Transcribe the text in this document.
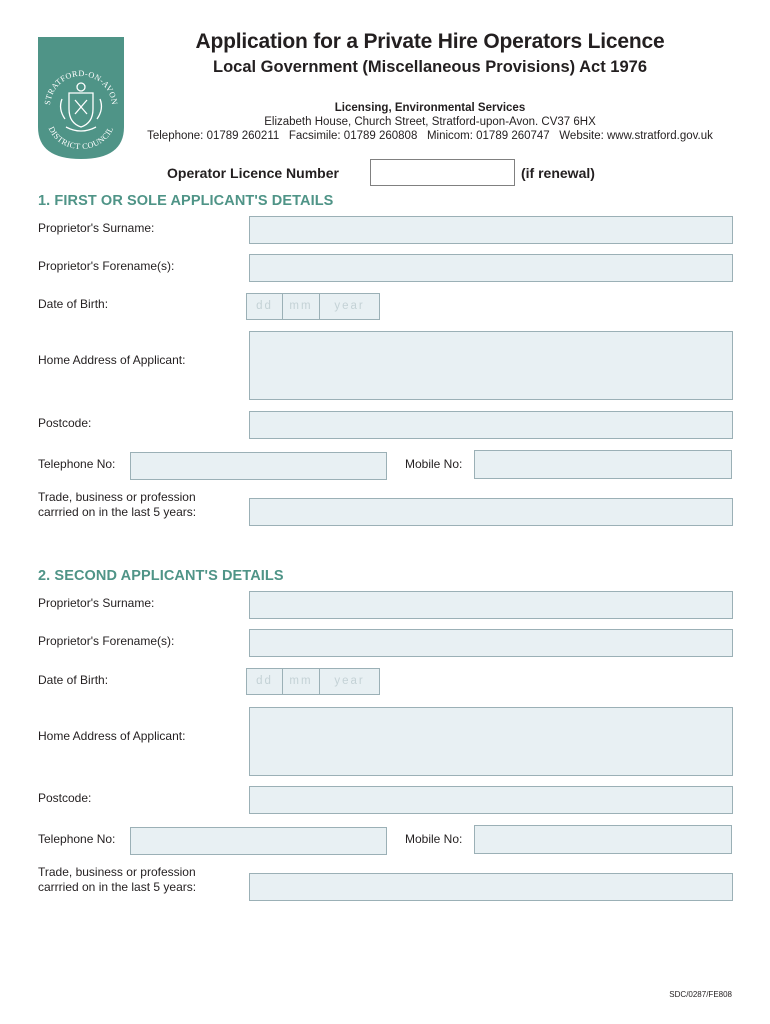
STRATFORD-ON-AVON
DISTRICT COUNCIL
Application for a Private Hire Operators Licence
Local Government (Miscellaneous Provisions) Act 1976
Licensing, Environmental Services
Elizabeth House, Church Street, Stratford-upon-Avon. CV37 6HX
Telephone: 01789 260211   Facsimile: 01789 260808   Minicom: 01789 260747   Website: www.stratford.gov.uk
Operator Licence Number	(if renewal)
1. FIRST OR SOLE APPLICANT'S DETAILS
Proprietor's Surname:
Proprietor's Forename(s):
Date of Birth:	dd	mm	year
Home Address of Applicant:
Postcode:
Telephone No:	Mobile No:
Trade, business or profession
carrried on in the last 5 years:
2. SECOND APPLICANT'S DETAILS
Proprietor's Surname:
Proprietor's Forename(s):
Date of Birth:	dd	mm	year
Home Address of Applicant:
Postcode:
Telephone No:	Mobile No:
Trade, business or profession
carrried on in the last 5 years:
SDC/0287/FE808
